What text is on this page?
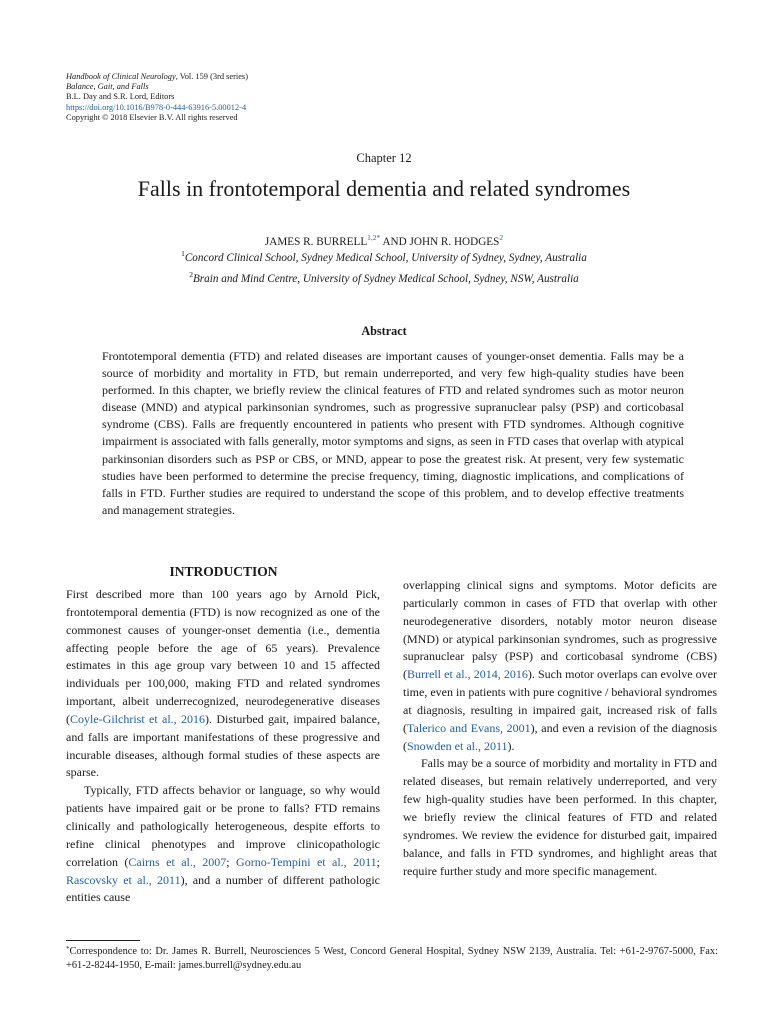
Handbook of Clinical Neurology, Vol. 159 (3rd series)
Balance, Gait, and Falls
B.L. Day and S.R. Lord, Editors
https://doi.org/10.1016/B978-0-444-63916-5.00012-4
Copyright © 2018 Elsevier B.V. All rights reserved
Chapter 12
Falls in frontotemporal dementia and related syndromes
JAMES R. $BURRELL^{1,2*}$ AND JOHN R. HODGES$^2$
$^1$Concord Clinical School, Sydney Medical School, University of Sydney, Sydney, Australia
$^2$Brain and Mind Centre, University of Sydney Medical School, Sydney, NSW, Australia
Abstract
Frontotemporal dementia (FTD) and related diseases are important causes of younger-onset dementia. Falls may be a source of morbidity and mortality in FTD, but remain underreported, and very few high-quality studies have been performed. In this chapter, we briefly review the clinical features of FTD and related syndromes such as motor neuron disease (MND) and atypical parkinsonian syndromes, such as progressive supranuclear palsy (PSP) and corticobasal syndrome (CBS). Falls are frequently encountered in patients who present with FTD syndromes. Although cognitive impairment is associated with falls generally, motor symptoms and signs, as seen in FTD cases that overlap with atypical parkinsonian disorders such as PSP or CBS, or MND, appear to pose the greatest risk. At present, very few systematic studies have been performed to determine the precise frequency, timing, diagnostic implications, and complications of falls in FTD. Further studies are required to understand the scope of this problem, and to develop effective treatments and management strategies.
INTRODUCTION

First described more than 100 years ago by Arnold Pick, frontotemporal dementia (FTD) is now recognized as one of the commonest causes of younger-onset dementia (i.e., dementia affecting people before the age of 65 years). Prevalence estimates in this age group vary between 10 and 15 affected individuals per 100,000, making FTD and related syndromes important, albeit underrecognized, neurodegenerative diseases (Coyle-Gilchrist et al., 2016). Disturbed gait, impaired balance, and falls are important manifestations of these progressive and incurable diseases, although formal studies of these aspects are sparse.

Typically, FTD affects behavior or language, so why would patients have impaired gait or be prone to falls? FTD remains clinically and pathologically heterogeneous, despite efforts to refine clinical phenotypes and improve clinicopathologic correlation (Cairns et al., 2007; Gorno-Tempini et al., 2011; Rascovsky et al., 2011), and a number of different pathologic entities cause

overlapping clinical signs and symptoms. Motor deficits are particularly common in cases of FTD that overlap with other neurodegenerative disorders, notably motor neuron disease (MND) or atypical parkinsonian syndromes, such as progressive supranuclear palsy (PSP) and corticobasal syndrome (CBS) (Burrell et al., 2014, 2016). Such motor overlaps can evolve over time, even in patients with pure cognitive / behavioral syndromes at diagnosis, resulting in impaired gait, increased risk of falls (Talerico and Evans, 2001), and even a revision of the diagnosis (Snowden et al., 2011).

Falls may be a source of morbidity and mortality in FTD and related diseases, but remain relatively underreported, and very few high-quality studies have been performed. In this chapter, we briefly review the clinical features of FTD and related syndromes. We review the evidence for disturbed gait, impaired balance, and falls in FTD syndromes, and highlight areas that require further study and more specific management.

*Correspondence to: Dr. James R. Burrell, Neurosciences 5 West, Concord General Hospital, Sydney NSW 2139, Australia. Tel: +61-2-9767-5000, Fax: +61-2-8244-1950, E-mail: james.burrell@sydney.edu.au
